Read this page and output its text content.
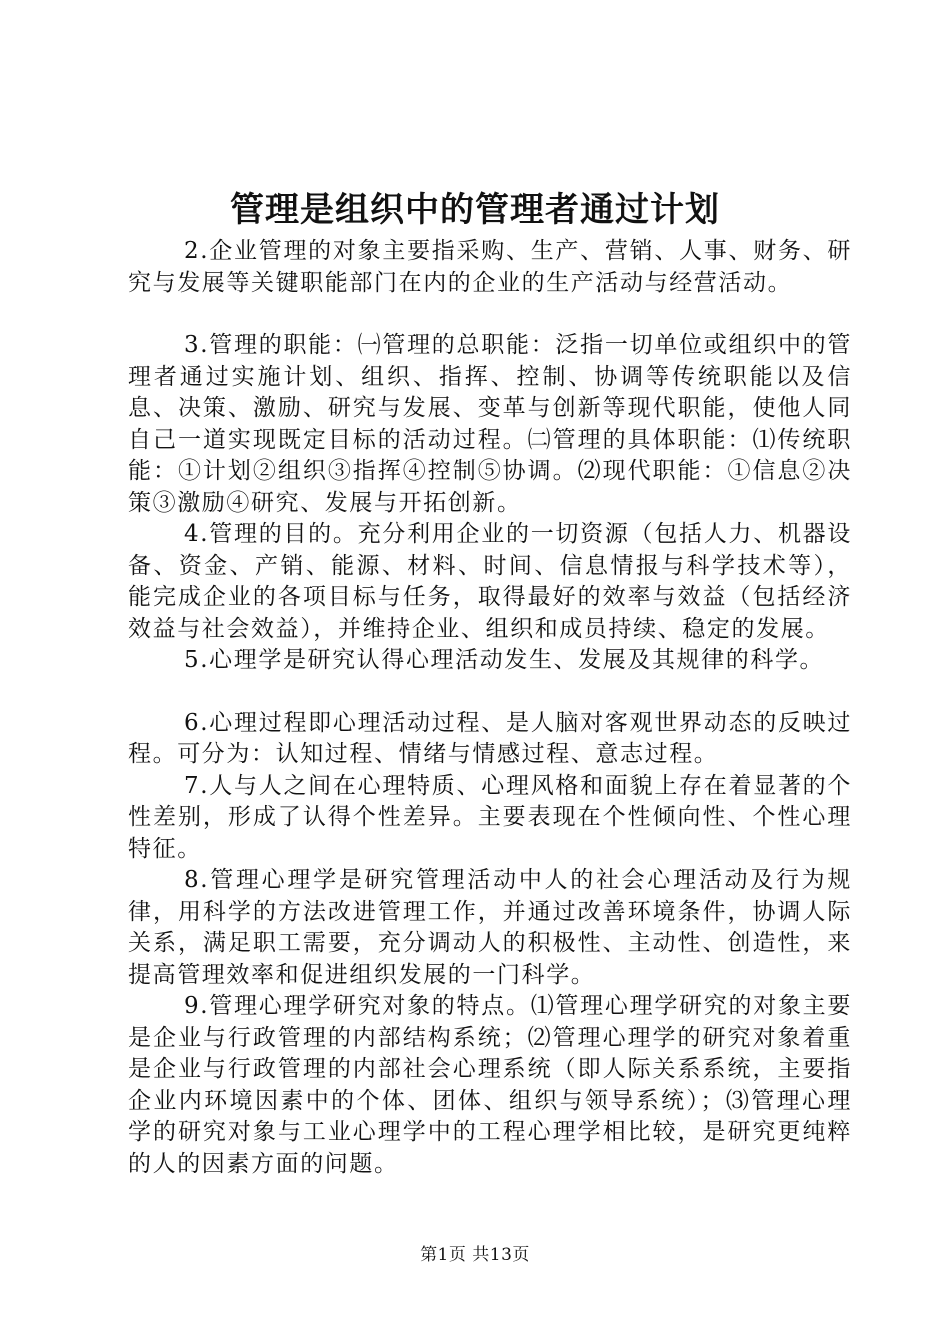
管理是组织中的管理者通过计划

2.企业管理的对象主要指采购、生产、营销、人事、财务、研究与发展等关键职能部门在内的企业的生产活动与经营活动。

3.管理的职能：㈠管理的总职能：泛指一切单位或组织中的管理者通过实施计划、组织、指挥、控制、协调等传统职能以及信息、决策、激励、研究与发展、变革与创新等现代职能，使他人同自己一道实现既定目标的活动过程。㈡管理的具体职能：⑴传统职能：①计划②组织③指挥④控制⑤协调。⑵现代职能：①信息②决策③激励④研究、发展与开拓创新。

4.管理的目的。充分利用企业的一切资源（包括人力、机器设备、资金、产销、能源、材料、时间、信息情报与科学技术等），能完成企业的各项目标与任务，取得最好的效率与效益（包括经济效益与社会效益），并维持企业、组织和成员持续、稳定的发展。

5.心理学是研究认得心理活动发生、发展及其规律的科学。

6.心理过程即心理活动过程、是人脑对客观世界动态的反映过程。可分为：认知过程、情绪与情感过程、意志过程。

7.人与人之间在心理特质、心理风格和面貌上存在着显著的个性差别，形成了认得个性差异。主要表现在个性倾向性、个性心理特征。

8.管理心理学是研究管理活动中人的社会心理活动及行为规律，用科学的方法改进管理工作，并通过改善环境条件，协调人际关系，满足职工需要，充分调动人的积极性、主动性、创造性，来提高管理效率和促进组织发展的一门科学。

9.管理心理学研究对象的特点。⑴管理心理学研究的对象主要是企业与行政管理的内部结构系统；⑵管理心理学的研究对象着重是企业与行政管理的内部社会心理系统（即人际关系系统，主要指企业内环境因素中的个体、团体、组织与领导系统）；⑶管理心理学的研究对象与工业心理学中的工程心理学相比较，是研究更纯粹的人的因素方面的问题。

第1页 共13页
